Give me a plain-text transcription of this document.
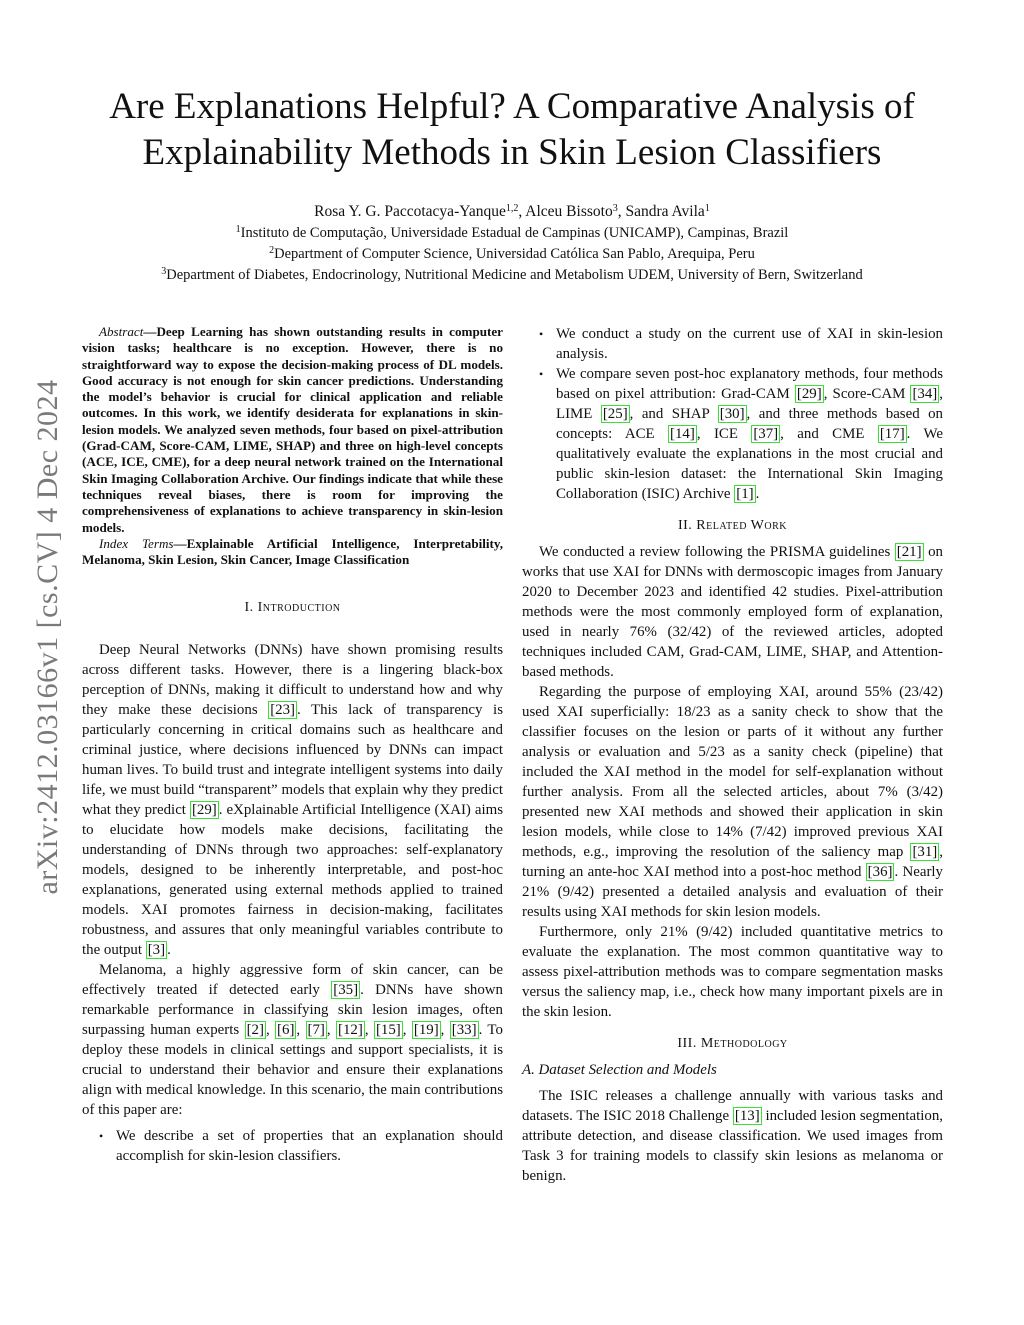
arXiv:2412.03166v1 [cs.CV] 4 Dec 2024
Are Explanations Helpful? A Comparative Analysis of Explainability Methods in Skin Lesion Classifiers
Rosa Y. G. Paccotacya-Yanque$^{1,2}$, Alceu Bissoto$^3$, Sandra Avila$^1$
$^1$Instituto de Computação, Universidade Estadual de Campinas (UNICAMP), Campinas, Brazil
$^2$Department of Computer Science, Universidad Católica San Pablo, Arequipa, Peru
$^3$Department of Diabetes, Endocrinology, Nutritional Medicine and Metabolism UDEM, University of Bern, Switzerland

Abstract—Deep Learning has shown outstanding results in computer vision tasks; healthcare is no exception. However, there is no straightforward way to expose the decision-making process of DL models. Good accuracy is not enough for skin cancer predictions. Understanding the model’s behavior is crucial for clinical application and reliable outcomes. In this work, we identify desiderata for explanations in skin-lesion models. We analyzed seven methods, four based on pixel-attribution (Grad-CAM, Score-CAM, LIME, SHAP) and three on high-level concepts (ACE, ICE, CME), for a deep neural network trained on the International Skin Imaging Collaboration Archive. Our findings indicate that while these techniques reveal biases, there is room for improving the comprehensiveness of explanations to achieve transparency in skin-lesion models.

Index Terms—Explainable Artificial Intelligence, Interpretability, Melanoma, Skin Lesion, Skin Cancer, Image Classification

I. Introduction

Deep Neural Networks (DNNs) have shown promising results across different tasks. However, there is a lingering black-box perception of DNNs, making it difficult to understand how and why they make these decisions [23] . This lack of transparency is particularly concerning in critical domains such as healthcare and criminal justice, where decisions influenced by DNNs can impact human lives. To build trust and integrate intelligent systems into daily life, we must build “transparent” models that explain why they predict what they predict [29] . eXplainable Artificial Intelligence (XAI) aims to elucidate how models make decisions, facilitating the understanding of DNNs through two approaches: self-explanatory models, designed to be inherently interpretable, and post-hoc explanations, generated using external methods applied to trained models. XAI promotes fairness in decision-making, facilitates robustness, and assures that only meaningful variables contribute to the output [3] .

Melanoma, a highly aggressive form of skin cancer, can be effectively treated if detected early [35] . DNNs have shown remarkable performance in classifying skin lesion images, often surpassing human experts [2] , [6] , [7] , [12] , [15] , [19] , [33] . To deploy these models in clinical settings and support specialists, it is crucial to understand their behavior and ensure their explanations align with medical knowledge. In this scenario, the main contributions of this paper are:

• We describe a set of properties that an explanation should accomplish for skin-lesion classifiers.
• We conduct a study on the current use of XAI in skin-lesion analysis.
• We compare seven post-hoc explanatory methods, four methods based on pixel attribution: Grad-CAM [29] , Score-CAM [34] , LIME [25] , and SHAP [30] , and three methods based on concepts: ACE [14] , ICE [37] , and CME [17] . We qualitatively evaluate the explanations in the most crucial and public skin-lesion dataset: the International Skin Imaging Collaboration (ISIC) Archive [1] .

II. Related Work

We conducted a review following the PRISMA guidelines [21] on works that use XAI for DNNs with dermoscopic images from January 2020 to December 2023 and identified 42 studies. Pixel-attribution methods were the most commonly employed form of explanation, used in nearly 76% (32/42) of the reviewed articles, adopted techniques included CAM, Grad-CAM, LIME, SHAP, and Attention-based methods.

Regarding the purpose of employing XAI, around 55% (23/42) used XAI superficially: 18/23 as a sanity check to show that the classifier focuses on the lesion or parts of it without any further analysis or evaluation and 5/23 as a sanity check (pipeline) that included the XAI method in the model for self-explanation without further analysis. From all the selected articles, about 7% (3/42) presented new XAI methods and showed their application in skin lesion models, while close to 14% (7/42) improved previous XAI methods, e.g., improving the resolution of the saliency map [31] , turning an ante-hoc XAI method into a post-hoc method [36] . Nearly 21% (9/42) presented a detailed analysis and evaluation of their results using XAI methods for skin lesion models.

Furthermore, only 21% (9/42) included quantitative metrics to evaluate the explanation. The most common quantitative way to assess pixel-attribution methods was to compare segmentation masks versus the saliency map, i.e., check how many important pixels are in the skin lesion.

III. Methodology

A. Dataset Selection and Models

The ISIC releases a challenge annually with various tasks and datasets. The ISIC 2018 Challenge [13] included lesion segmentation, attribute detection, and disease classification. We used images from Task 3 for training models to classify skin lesions as melanoma or benign.
